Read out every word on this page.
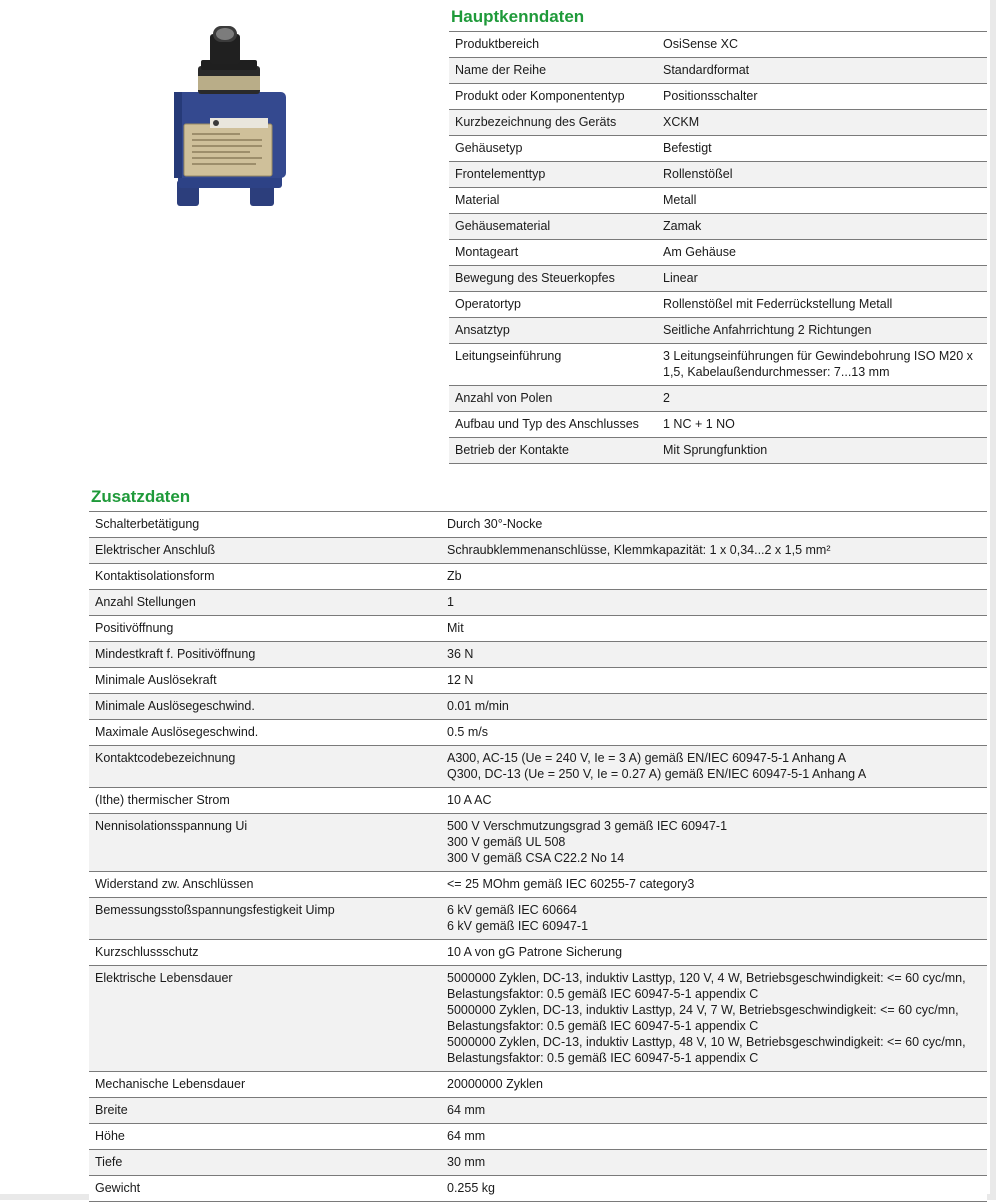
Hauptkenndaten
Produktbereich	OsiSense XC
Name der Reihe	Standardformat
Produkt oder Komponententyp	Positionsschalter
Kurzbezeichnung des Geräts	XCKM
Gehäusetyp	Befestigt
Frontelementtyp	Rollenstößel
Material	Metall
Gehäusematerial	Zamak
Montageart	Am Gehäuse
Bewegung des Steuerkopfes	Linear
Operatortyp	Rollenstößel mit Federrückstellung Metall
Ansatztyp	Seitliche Anfahrrichtung 2 Richtungen
Leitungseinführung	3 Leitungseinführungen für Gewindebohrung ISO M20 x 1,5, Kabelaußendurchmesser: 7...13 mm
Anzahl von Polen	2
Aufbau und Typ des Anschlusses	1 NC + 1 NO
Betrieb der Kontakte	Mit Sprungfunktion
Zusatzdaten
Schalterbetätigung	Durch 30°-Nocke
Elektrischer Anschluß	Schraubklemmenanschlüsse, Klemmkapazität: 1 x 0,34...2 x 1,5 mm²
Kontaktisolationsform	Zb
Anzahl Stellungen	1
Positivöffnung	Mit
Mindestkraft f. Positivöffnung	36 N
Minimale Auslösekraft	12 N
Minimale Auslösegeschwind.	0.01 m/min
Maximale Auslösegeschwind.	0.5 m/s
Kontaktcodebezeichnung	A300, AC-15 (Ue = 240 V, Ie = 3 A) gemäß EN/IEC 60947-5-1 Anhang A
Q300, DC-13 (Ue = 250 V, Ie = 0.27 A) gemäß EN/IEC 60947-5-1 Anhang A
(Ithe) thermischer Strom	10 A AC
Nennisolationsspannung Ui	500 V Verschmutzungsgrad 3 gemäß IEC 60947-1
300 V gemäß UL 508
300 V gemäß CSA C22.2 No 14
Widerstand zw. Anschlüssen	<= 25 MOhm gemäß IEC 60255-7 category3
Bemessungsstoßspannungsfestigkeit Uimp	6 kV gemäß IEC 60664
6 kV gemäß IEC 60947-1
Kurzschlussschutz	10 A von gG Patrone Sicherung
Elektrische Lebensdauer	5000000 Zyklen, DC-13, induktiv Lasttyp, 120 V, 4 W, Betriebsgeschwindigkeit: <= 60 cyc/mn, Belastungsfaktor: 0.5 gemäß IEC 60947-5-1 appendix C
5000000 Zyklen, DC-13, induktiv Lasttyp, 24 V, 7 W, Betriebsgeschwindigkeit: <= 60 cyc/mn, Belastungsfaktor: 0.5 gemäß IEC 60947-5-1 appendix C
5000000 Zyklen, DC-13, induktiv Lasttyp, 48 V, 10 W, Betriebsgeschwindigkeit: <= 60 cyc/mn, Belastungsfaktor: 0.5 gemäß IEC 60947-5-1 appendix C
Mechanische Lebensdauer	20000000 Zyklen
Breite	64 mm
Höhe	64 mm
Tiefe	30 mm
Gewicht	0.255 kg
